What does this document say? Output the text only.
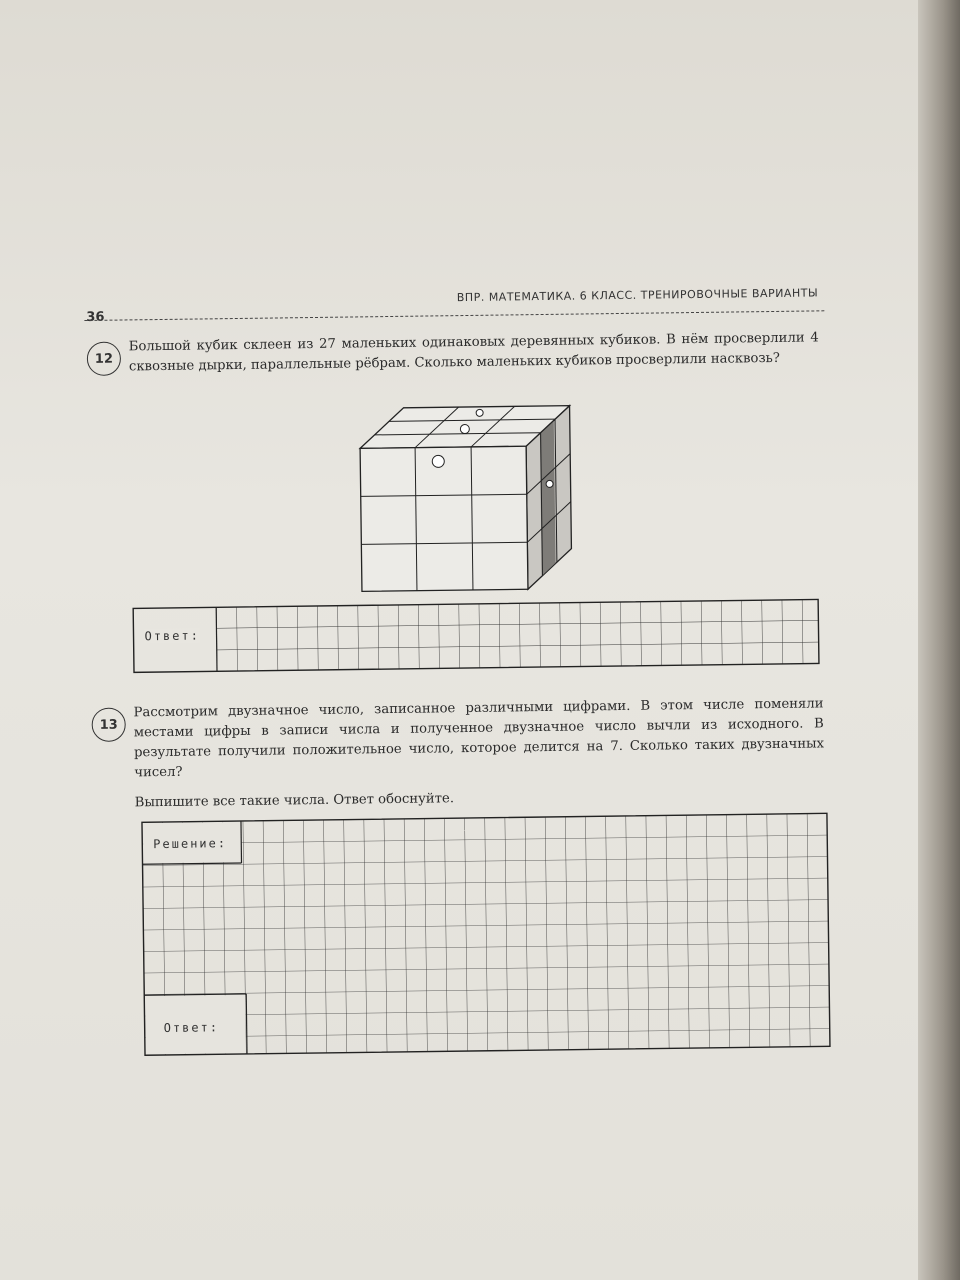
ВПР. МАТЕМАТИКА. 6 КЛАСС. ТРЕНИРОВОЧНЫЕ ВАРИАНТЫ
36
12
Большой кубик склеен из 27 маленьких одинаковых деревянных кубиков. В нём просверлили 4 сквозные дырки, параллельные рёбрам. Сколько маленьких кубиков просверлили насквозь?
Ответ:
13
Рассмотрим двузначное число, записанное различными цифрами. В этом числе поменяли местами цифры в записи числа и полученное двузначное число вычли из исходного. В результате получили положительное число, которое делится на 7. Сколько таких двузначных чисел?
Выпишите все такие числа. Ответ обоснуйте.
Решение:
Ответ:
